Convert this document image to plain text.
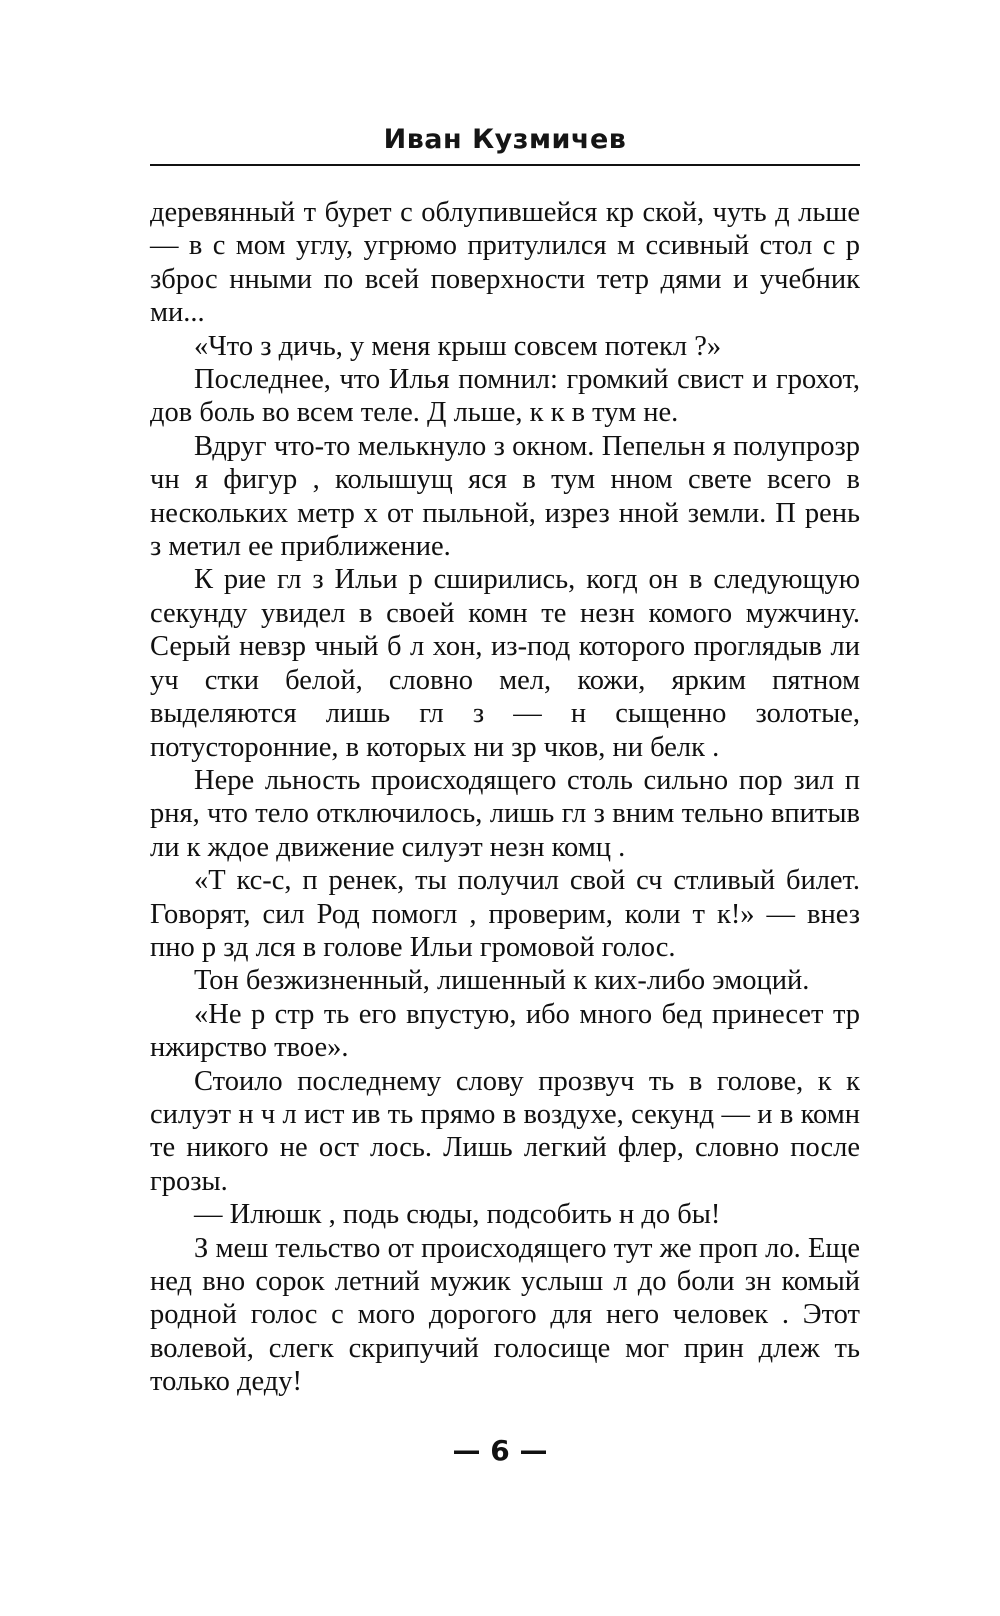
Иван Кузмичев

деревянный т бурет с облупившейся кр ской, чуть д льше — в с мом углу, угрюмо притулился м ссивный стол с р зброс нными по всей поверхности тетр дями и учебник ми...

«Что з дичь, у меня крыш совсем потекл ?»

Последнее, что Илья помнил: громкий свист и грохот, дов боль во всем теле. Д льше, к к в тум не.

Вдруг что-то мелькнуло з окном. Пепельн я полупрозр чн я фигур , колышущ яся в тум нном свете всего в нескольких метр х от пыльной, изрез нной земли. П рень з метил ее приближение.

К рие гл з Ильи р сширились, когд он в следующую секунду увидел в своей комн те незн комого мужчину. Серый невзр чный б л хон, из-под которого проглядыв ли уч стки белой, словно мел, кожи, ярким пятном выделяются лишь гл з — н сыщенно золотые, потусторонние, в которых ни зр чков, ни белк .

Нере льность происходящего столь сильно пор зил п рня, что тело отключилось, лишь гл з вним тельно впитыв ли к ждое движение силуэт незн комц .

«Т кс-с, п ренек, ты получил свой сч стливый билет. Говорят, сил Род помогл , проверим, коли т к!» — внез пно р зд лся в голове Ильи громовой голос.

Тон безжизненный, лишенный к ких-либо эмоций.

«Не р стр ть его впустую, ибо много бед принесет тр нжирство твое».

Стоило последнему слову прозвуч ть в голове, к к силуэт н ч л ист ив ть прямо в воздухе, секунд — и в комн те никого не ост лось. Лишь легкий флер, словно после грозы.

— Илюшк , подь сюды, подсобить н до бы!

З меш тельство от происходящего тут же проп ло. Еще нед вно сорок летний мужик услыш л до боли зн комый родной голос с мого дорогого для него человек . Этот волевой, слегк скрипучий голосище мог прин длеж ть только деду!

— 6 —
